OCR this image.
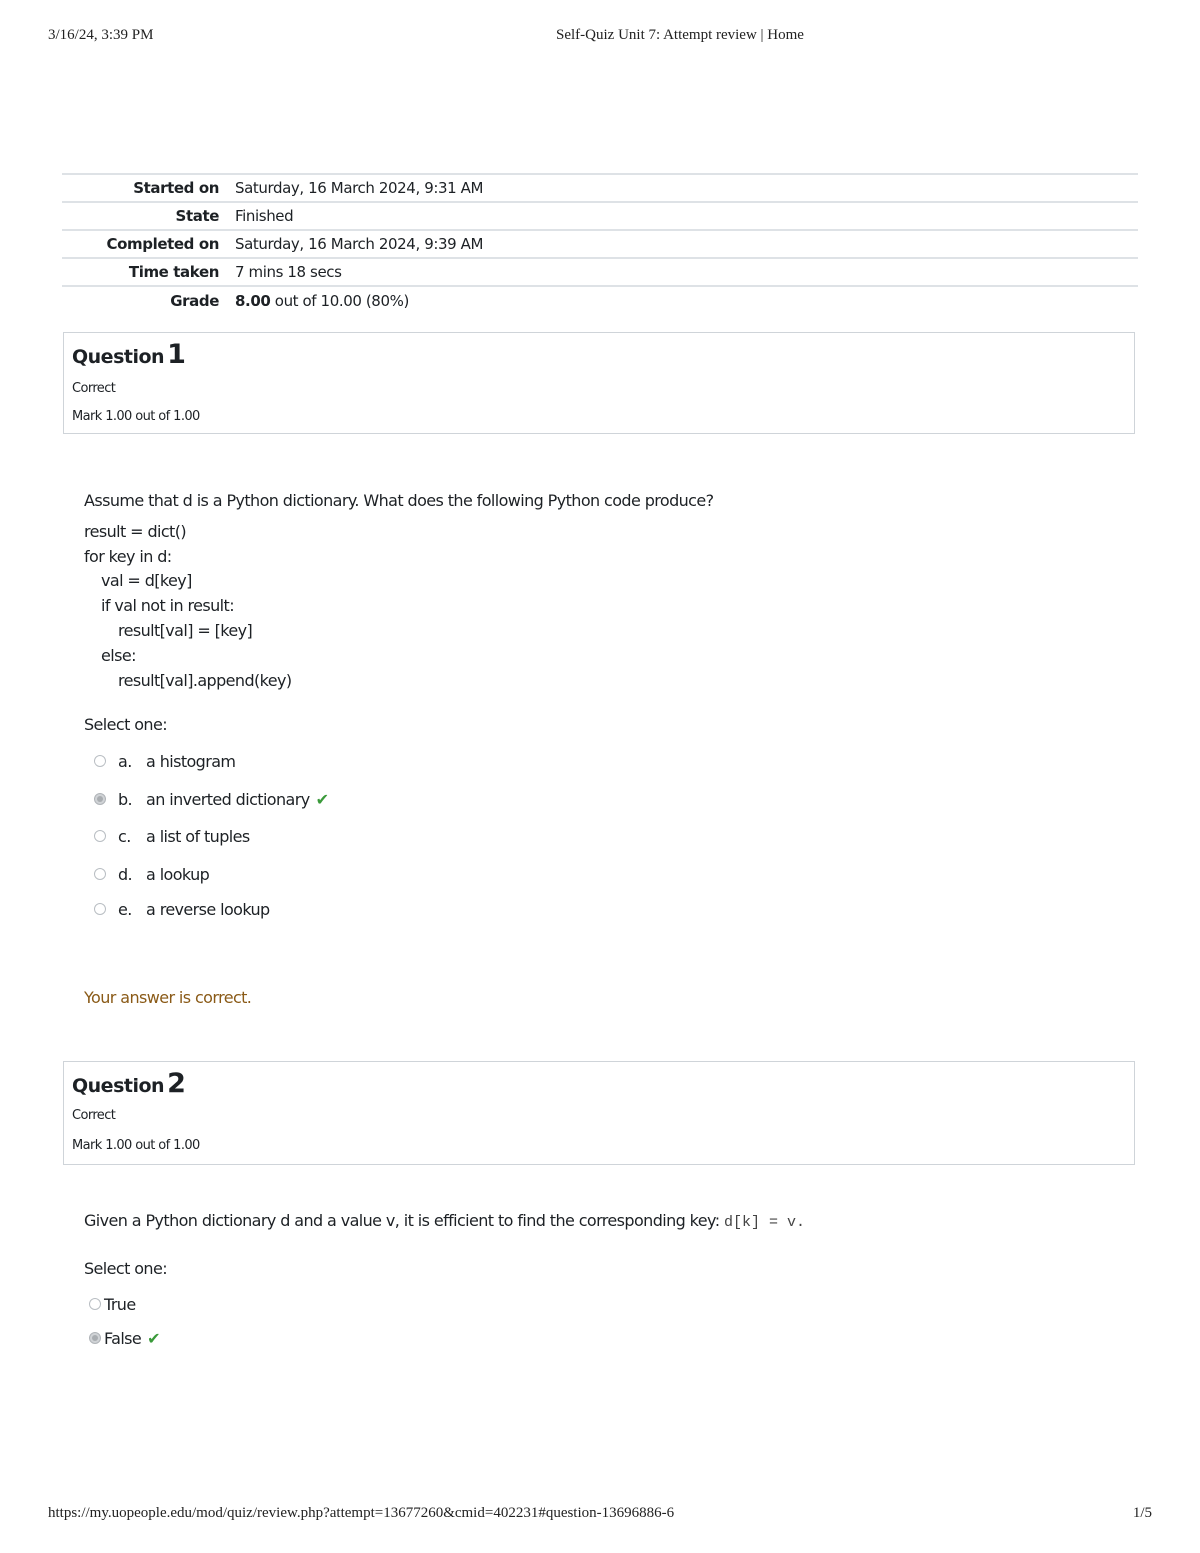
3/16/24, 3:39 PM	Self-Quiz Unit 7: Attempt review | Home
Started on	Saturday, 16 March 2024, 9:31 AM
State	Finished
Completed on	Saturday, 16 March 2024, 9:39 AM
Time taken	7 mins 18 secs
Grade	8.00 out of 10.00 (80%)
Question 1
Correct
Mark 1.00 out of 1.00
Assume that d is a Python dictionary. What does the following Python code produce?
result = dict()
for key in d:
val = d[key]
if val not in result:
result[val] = [key]
else:
result[val].append(key)
Select one:
a. a histogram
b. an inverted dictionary ✔
c. a list of tuples
d. a lookup
e. a reverse lookup
Your answer is correct.
Question 2
Correct
Mark 1.00 out of 1.00
Given a Python dictionary d and a value v, it is efficient to find the corresponding key: d[k] = v.
Select one:
True
False ✔
https://my.uopeople.edu/mod/quiz/review.php?attempt=13677260&cmid=402231#question-13696886-6	1/5
